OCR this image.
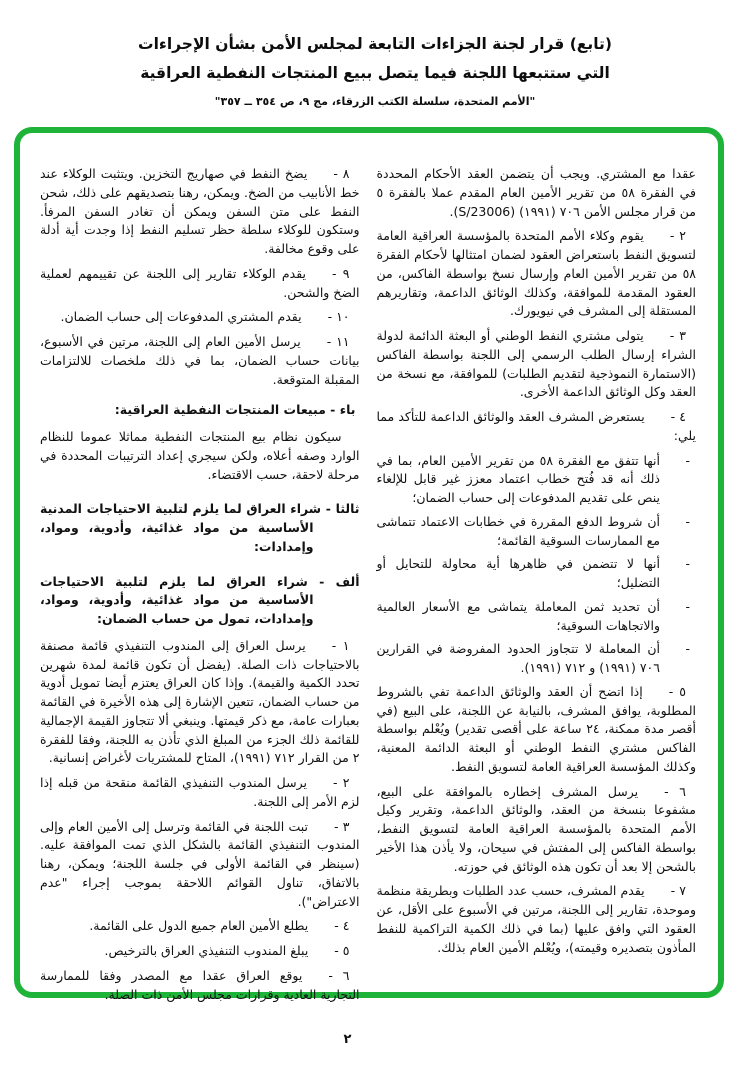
(تابع) قرار لجنة الجزاءات التابعة لمجلس الأمن بشأن الإجراءات
التي ستتبعها اللجنة فيما يتصل ببيع المنتجات النفطية العراقية
"الأمم المتحدة، سلسلة الكتب الزرقاء، مج ٩، ص ٣٥٤ ــ ٣٥٧"

عقدا مع المشتري. ويجب أن يتضمن العقد الأحكام المحددة في الفقرة ٥٨ من تقرير الأمين العام المقدم عملا بالفقرة ٥ من قرار مجلس الأمن ٧٠٦ (١٩٩١) (S/23006).

٢ -يقوم وكلاء الأمم المتحدة بالمؤسسة العراقية العامة لتسويق النفط باستعراض العقود لضمان امتثالها لأحكام الفقرة ٥٨ من تقرير الأمين العام وإرسال نسخ بواسطة الفاكس، من العقود المقدمة للموافقة، وكذلك الوثائق الداعمة، وتقاريرهم المستقلة إلى المشرف في نيويورك.

٣ -يتولى مشتري النفط الوطني أو البعثة الدائمة لدولة الشراء إرسال الطلب الرسمي إلى اللجنة بواسطة الفاكس (الاستمارة النموذجية لتقديم الطلبات) للموافقة، مع نسخة من العقد وكل الوثائق الداعمة الأخرى.

٤ -يستعرض المشرف العقد والوثائق الداعمة للتأكد مما يلي:

-
أنها تتفق مع الفقرة ٥٨ من تقرير الأمين العام، بما في ذلك أنه قد فُتح خطاب اعتماد معزز غير قابل للإلغاء ينص على تقديم المدفوعات إلى حساب الضمان؛

-
أن شروط الدفع المقررة في خطابات الاعتماد تتماشى مع الممارسات السوقية القائمة؛

-
أنها لا تتضمن في ظاهرها أية محاولة للتحايل أو التضليل؛

-
أن تحديد ثمن المعاملة يتماشى مع الأسعار العالمية والاتجاهات السوقية؛

-
أن المعاملة لا تتجاوز الحدود المفروضة في القرارين ٧٠٦ (١٩٩١) و ٧١٢ (١٩٩١).

٥ -إذا اتضح أن العقد والوثائق الداعمة تفي بالشروط المطلوبة، يوافق المشرف، بالنيابة عن اللجنة، على البيع (في أقصر مدة ممكنة، ٢٤ ساعة على أقصى تقدير) ويُعْلم بواسطة الفاكس مشتري النفط الوطني أو البعثة الدائمة المعنية، وكذلك المؤسسة العراقية العامة لتسويق النفط.

٦ -يرسل المشرف إخطاره بالموافقة على البيع، مشفوعا بنسخة من العقد، والوثائق الداعمة، وتقرير وكيل الأمم المتحدة بالمؤسسة العراقية العامة لتسويق النفط، بواسطة الفاكس إلى المفتش في سيحان، ولا يأذن هذا الأخير بالشحن إلا بعد أن تكون هذه الوثائق في حوزته.

٧ -يقدم المشرف، حسب عدد الطلبات وبطريقة منظمة وموحدة، تقارير إلى اللجنة، مرتين في الأسبوع على الأقل، عن العقود التي وافق عليها (بما في ذلك الكمية التراكمية للنفط المأذون بتصديره وقيمته)، ويُعْلم الأمين العام بذلك.

٨ -يضخ النفط في صهاريج التخزين. ويتثبت الوكلاء عند خط الأنابيب من الضخ. ويمكن، رهنا بتصديقهم على ذلك، شحن النفط على متن السفن ويمكن أن تغادر السفن المرفأ. وستكون للوكلاء سلطة حظر تسليم النفط إذا وجدت أية أدلة على وقوع مخالفة.

٩ -يقدم الوكلاء تقارير إلى اللجنة عن تقييمهم لعملية الضخ والشحن.

١٠ -يقدم المشتري المدفوعات إلى حساب الضمان.

١١ -يرسل الأمين العام إلى اللجنة، مرتين في الأسبوع، بيانات حساب الضمان، بما في ذلك ملخصات للالتزامات المقبلة المتوقعة.

باء - مبيعات المنتجات النفطية العراقية:

سيكون نظام بيع المنتجات النفطية مماثلا عموما للنظام الوارد وصفه أعلاه، ولكن سيجري إعداد الترتيبات المحددة في مرحلة لاحقة، حسب الاقتضاء.

ثالثا - شراء العراق لما يلزم لتلبية الاحتياجات المدنية الأساسية من مواد غذائية، وأدوية، ومواد، وإمدادات:

ألف - شراء العراق لما يلزم لتلبية الاحتياجات الأساسية من مواد غذائية، وأدوية، ومواد، وإمدادات، تمول من حساب الضمان:

١ -يرسل العراق إلى المندوب التنفيذي قائمة مصنفة بالاحتياجات ذات الصلة. (يفضل أن تكون قائمة لمدة شهرين تحدد الكمية والقيمة). وإذا كان العراق يعتزم أيضا تمويل أدوية من حساب الضمان، تتعين الإشارة إلى هذه الأخيرة في القائمة بعبارات عامة، مع ذكر قيمتها. وينبغي ألا تتجاوز القيمة الإجمالية للقائمة ذلك الجزء من المبلغ الذي تأذن به اللجنة، وفقا للفقرة ٢ من القرار ٧١٢ (١٩٩١)، المتاح للمشتريات لأغراض إنسانية.

٢ -يرسل المندوب التنفيذي القائمة منقحة من قبله إذا لزم الأمر إلى اللجنة.

٣ -تبت اللجنة في القائمة وترسل إلى الأمين العام وإلى المندوب التنفيذي القائمة بالشكل الذي تمت الموافقة عليه. (سينظر في القائمة الأولى في جلسة اللجنة؛ ويمكن، رهنا بالاتفاق، تناول القوائم اللاحقة بموجب إجراء "عدم الاعتراض").

٤ -يطلع الأمين العام جميع الدول على القائمة.

٥ -يبلغ المندوب التنفيذي العراق بالترخيص.

٦ -يوقع العراق عقدا مع المصدر وفقا للممارسة التجارية العادية وقرارات مجلس الأمن ذات الصلة.

٢
